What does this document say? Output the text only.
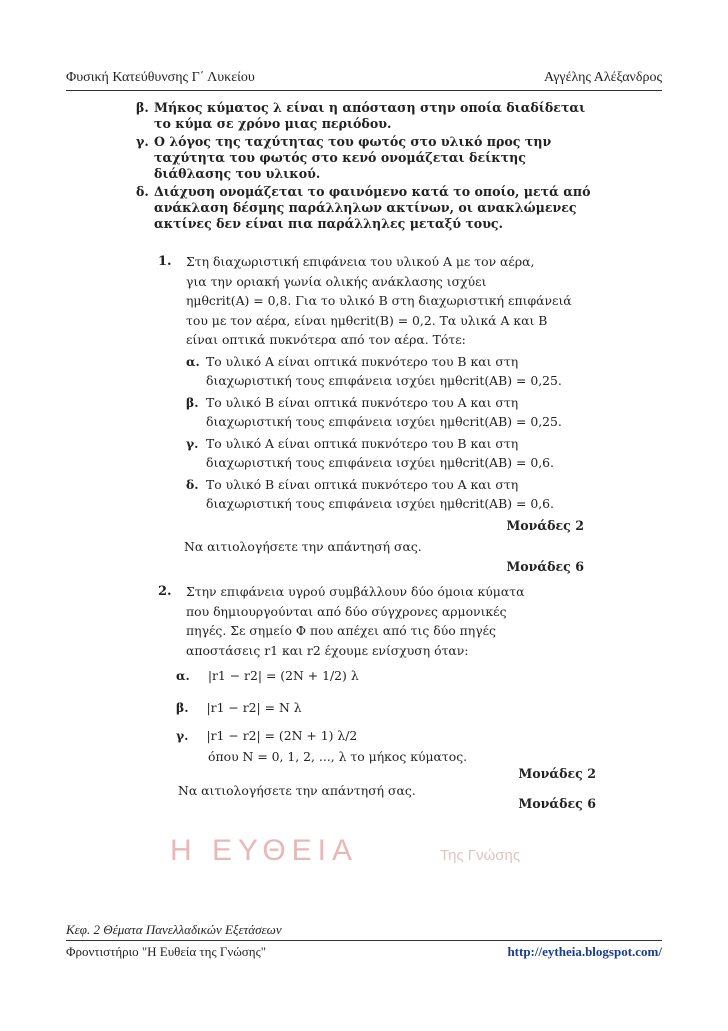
Φυσική Κατεύθυνσης Γ΄ Λυκείου	Αγγέλης Αλέξανδρος
β. Μήκος κύματος λ είναι η απόσταση στην οποία διαδίδεται το κύμα σε χρόνο μιας περιόδου.
γ. Ο λόγος της ταχύτητας του φωτός στο υλικό προς την ταχύτητα του φωτός στο κενό ονομάζεται δείκτης διάθλασης του υλικού.
δ. Διάχυση ονομάζεται το φαινόμενο κατά το οποίο, μετά από ανάκλαση δέσμης παράλληλων ακτίνων, οι ανακλώμενες ακτίνες δεν είναι πια παράλληλες μεταξύ τους.
1. Στη διαχωριστική επιφάνεια του υλικού Α με τον αέρα,
για την οριακή γωνία ολικής ανάκλασης ισχύει
ημθcrit(A) = 0,8. Για το υλικό Β στη διαχωριστική επιφάνειά
του με τον αέρα, είναι ημθcrit(B) = 0,2. Τα υλικά Α και Β
είναι οπτικά πυκνότερα από τον αέρα. Τότε:
α. Το υλικό Α είναι οπτικά πυκνότερο του Β και στη
διαχωριστική τους επιφάνεια ισχύει ημθcrit(AB) = 0,25.
β. Το υλικό Β είναι οπτικά πυκνότερο του Α και στη
διαχωριστική τους επιφάνεια ισχύει ημθcrit(AB) = 0,25.
γ. Το υλικό Α είναι οπτικά πυκνότερο του Β και στη
διαχωριστική τους επιφάνεια ισχύει ημθcrit(AB) = 0,6.
δ. Το υλικό Β είναι οπτικά πυκνότερο του Α και στη
διαχωριστική τους επιφάνεια ισχύει ημθcrit(AB) = 0,6.
Μονάδες 2
Να αιτιολογήσετε την απάντησή σας.
Μονάδες 6
2. Στην επιφάνεια υγρού συμβάλλουν δύο όμοια κύματα
που δημιουργούνται από δύο σύγχρονες αρμονικές
πηγές. Σε σημείο Φ που απέχει από τις δύο πηγές
αποστάσεις r1 και r2 έχουμε ενίσχυση όταν:
α. |r1 − r2| = (2N + 1/2) λ
β. |r1 − r2| = N λ
γ. |r1 − r2| = (2N + 1) λ/2
όπου N = 0, 1, 2, ..., λ το μήκος κύματος.
Μονάδες 2
Να αιτιολογήσετε την απάντησή σας.
Μονάδες 6
Η ΕΥΘΕΙΑ	Της Γνώσης
Κεφ. 2 Θέματα Πανελλαδικών Εξετάσεων
Φροντιστήριο "Η Ευθεία της Γνώσης"	http://eytheia.blogspot.com/
